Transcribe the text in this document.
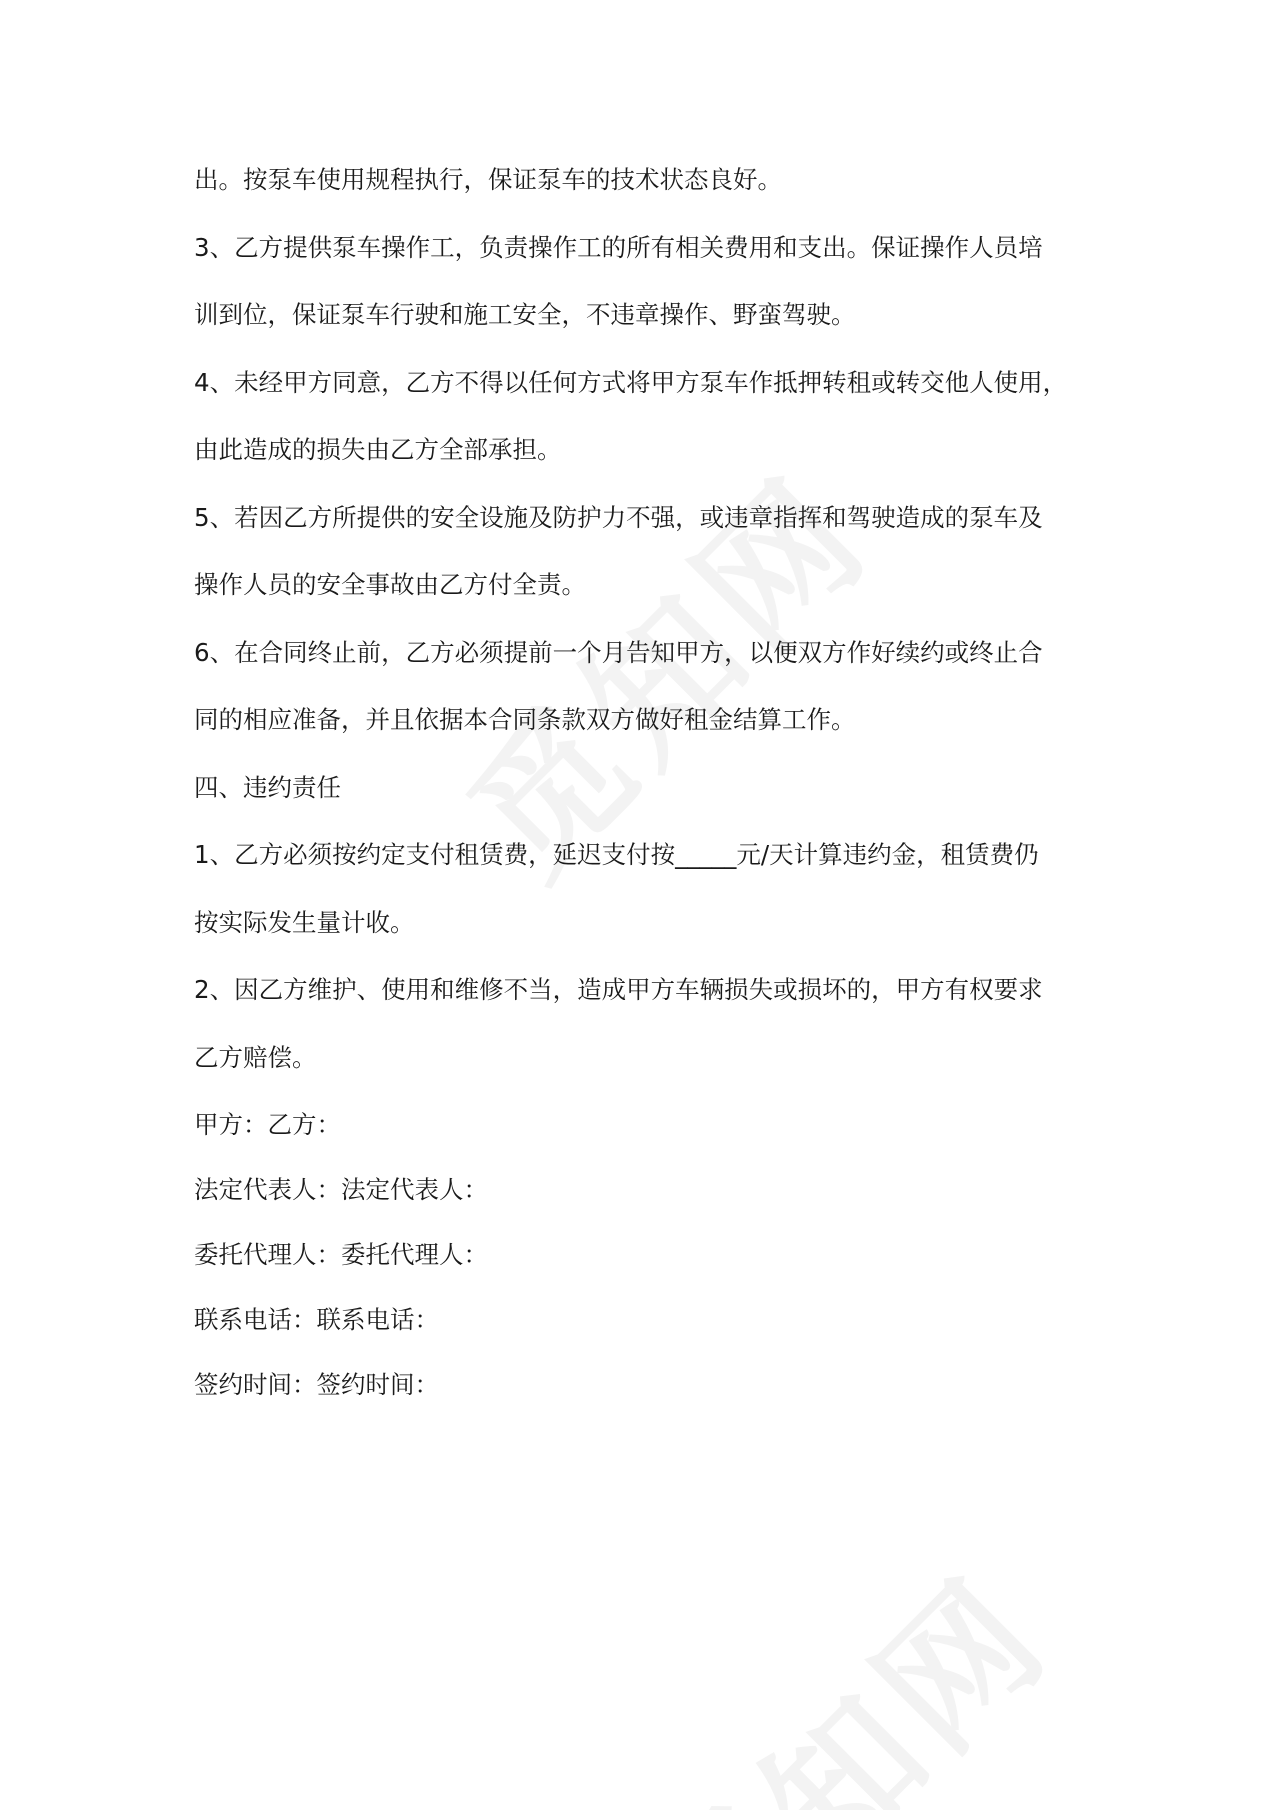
出。按泵车使用规程执行，保证泵车的技术状态良好。
3、乙方提供泵车操作工，负责操作工的所有相关费用和支出。保证操作人员培
训到位，保证泵车行驶和施工安全，不违章操作、野蛮驾驶。
4、未经甲方同意，乙方不得以任何方式将甲方泵车作抵押转租或转交他人使用，
由此造成的损失由乙方全部承担。
5、若因乙方所提供的安全设施及防护力不强，或违章指挥和驾驶造成的泵车及
操作人员的安全事故由乙方付全责。
6、在合同终止前，乙方必须提前一个月告知甲方，以便双方作好续约或终止合
同的相应准备，并且依据本合同条款双方做好租金结算工作。
四、违约责任
1、乙方必须按约定支付租赁费，延迟支付按_____元/天计算违约金，租赁费仍
按实际发生量计收。
2、因乙方维护、使用和维修不当，造成甲方车辆损失或损坏的，甲方有权要求
乙方赔偿。
甲方：乙方：
法定代表人：法定代表人：
委托代理人：委托代理人：
联系电话：联系电话：
签约时间：签约时间：
